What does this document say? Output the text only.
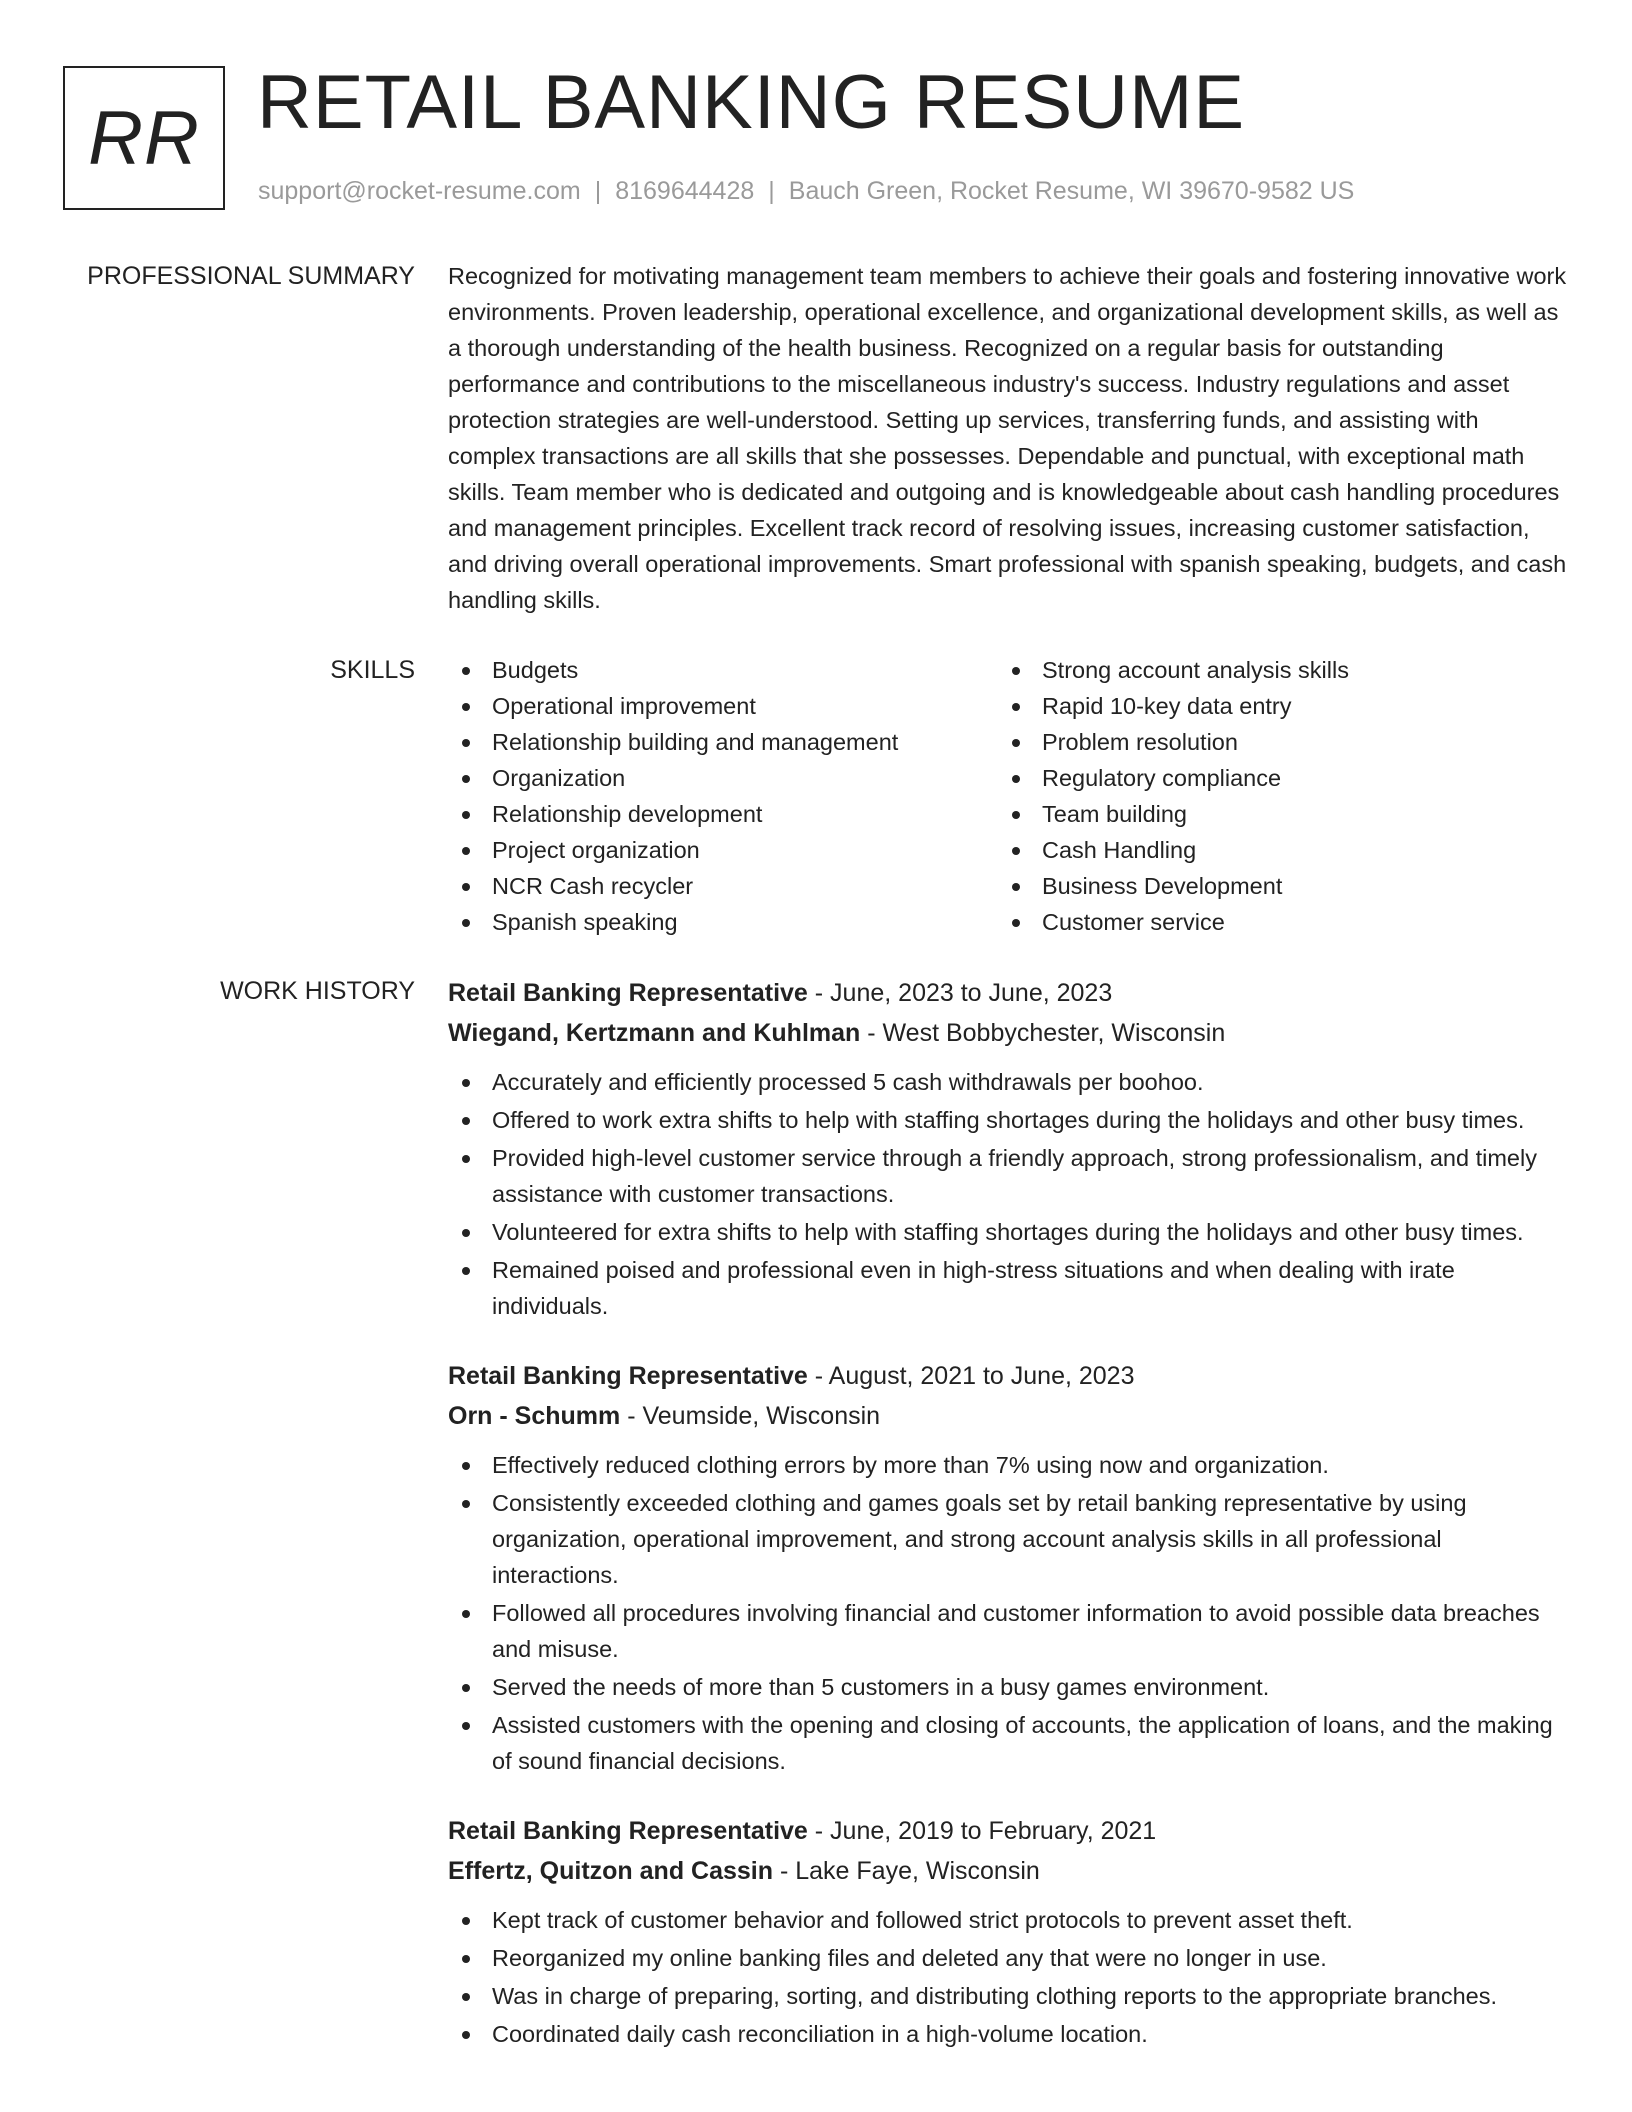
RR RETAIL BANKING RESUME
support@rocket-resume.com | 8169644428 | Bauch Green, Rocket Resume, WI 39670-9582 US
PROFESSIONAL SUMMARY Recognized for motivating management team members to achieve their goals and fostering innovative work environments. Proven leadership, operational excellence, and organizational development skills, as well as a thorough understanding of the health business. Recognized on a regular basis for outstanding performance and contributions to the miscellaneous industry's success. Industry regulations and asset protection strategies are well-understood. Setting up services, transferring funds, and assisting with complex transactions are all skills that she possesses. Dependable and punctual, with exceptional math skills. Team member who is dedicated and outgoing and is knowledgeable about cash handling procedures and management principles. Excellent track record of resolving issues, increasing customer satisfaction, and driving overall operational improvements. Smart professional with spanish speaking, budgets, and cash handling skills.
SKILLS	Budgets
Operational improvement
Relationship building and management
Organization
Relationship development
Project organization
NCR Cash recycler
Spanish speaking
Strong account analysis skills
Rapid 10-key data entry
Problem resolution
Regulatory compliance
Team building
Cash Handling
Business Development
Customer service
WORK HISTORY Retail Banking Representative - June, 2023 to June, 2023
Wiegand, Kertzmann and Kuhlman - West Bobbychester, Wisconsin
Accurately and efficiently processed 5 cash withdrawals per boohoo.
Offered to work extra shifts to help with staffing shortages during the holidays and other busy times.
Provided high-level customer service through a friendly approach, strong professionalism, and timely assistance with customer transactions.
Volunteered for extra shifts to help with staffing shortages during the holidays and other busy times.
Remained poised and professional even in high-stress situations and when dealing with irate individuals.
Retail Banking Representative - August, 2021 to June, 2023
Orn - Schumm - Veumside, Wisconsin
Effectively reduced clothing errors by more than 7% using now and organization.
Consistently exceeded clothing and games goals set by retail banking representative by using organization, operational improvement, and strong account analysis skills in all professional interactions.
Followed all procedures involving financial and customer information to avoid possible data breaches and misuse.
Served the needs of more than 5 customers in a busy games environment.
Assisted customers with the opening and closing of accounts, the application of loans, and the making of sound financial decisions.
Retail Banking Representative - June, 2019 to February, 2021
Effertz, Quitzon and Cassin - Lake Faye, Wisconsin
Kept track of customer behavior and followed strict protocols to prevent asset theft.
Reorganized my online banking files and deleted any that were no longer in use.
Was in charge of preparing, sorting, and distributing clothing reports to the appropriate branches.
Coordinated daily cash reconciliation in a high-volume location.
